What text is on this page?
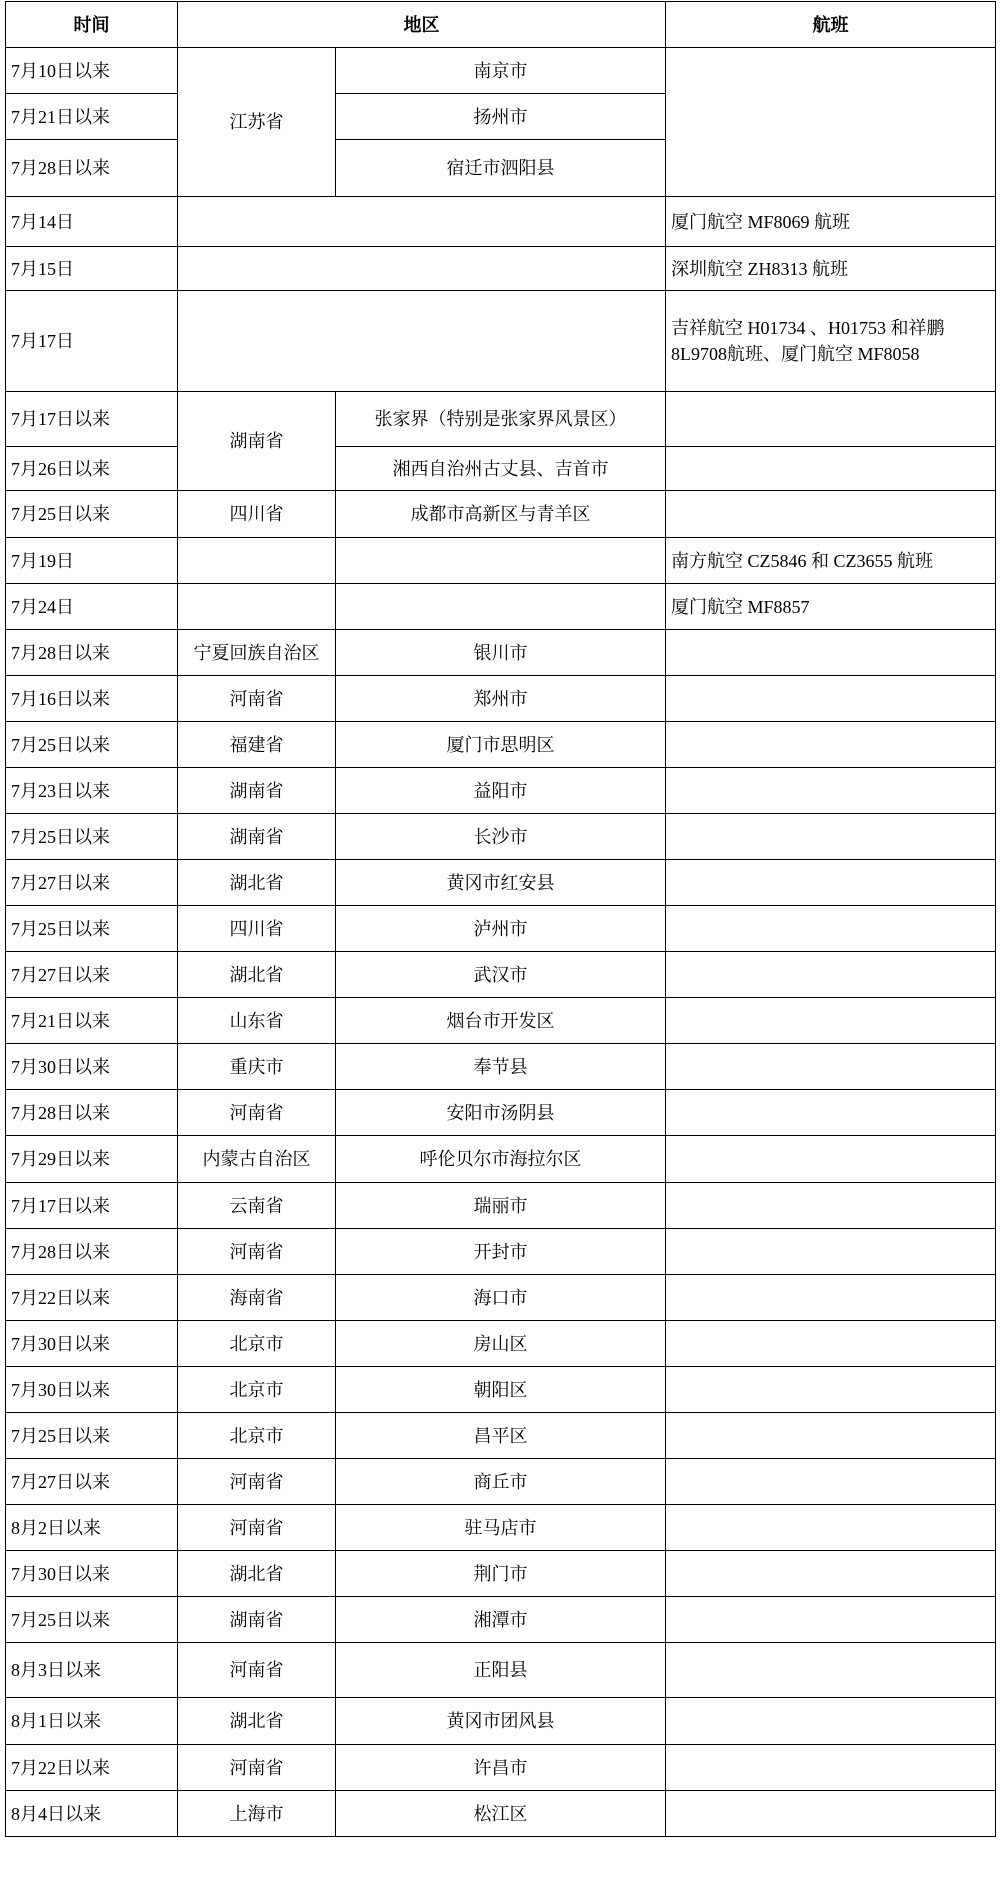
时间	地区		航班
7月10日以来	江苏省	南京市	
7月21日以来		扬州市	
7月28日以来		宿迁市泗阳县	
7月14日			厦门航空 MF8069 航班
7月15日			深圳航空 ZH8313 航班
7月17日			吉祥航空 H01734 、H01753 和祥鹏 8L9708航班、厦门航空 MF8058
7月17日以来	湖南省	张家界（特别是张家界风景区）	
7月26日以来		湘西自治州古丈县、吉首市	
7月25日以来	四川省	成都市高新区与青羊区	
7月19日			南方航空 CZ5846 和 CZ3655 航班
7月24日			厦门航空 MF8857
7月28日以来	宁夏回族自治区	银川市	
7月16日以来	河南省	郑州市	
7月25日以来	福建省	厦门市思明区	
7月23日以来	湖南省	益阳市	
7月25日以来	湖南省	长沙市	
7月27日以来	湖北省	黄冈市红安县	
7月25日以来	四川省	泸州市	
7月27日以来	湖北省	武汉市	
7月21日以来	山东省	烟台市开发区	
7月30日以来	重庆市	奉节县	
7月28日以来	河南省	安阳市汤阴县	
7月29日以来	内蒙古自治区	呼伦贝尔市海拉尔区	
7月17日以来	云南省	瑞丽市	
7月28日以来	河南省	开封市	
7月22日以来	海南省	海口市	
7月30日以来	北京市	房山区	
7月30日以来	北京市	朝阳区	
7月25日以来	北京市	昌平区	
7月27日以来	河南省	商丘市	
8月2日以来	河南省	驻马店市	
7月30日以来	湖北省	荆门市	
7月25日以来	湖南省	湘潭市	
8月3日以来	河南省	正阳县	
8月1日以来	湖北省	黄冈市团风县	
7月22日以来	河南省	许昌市	
8月4日以来	上海市	松江区	
